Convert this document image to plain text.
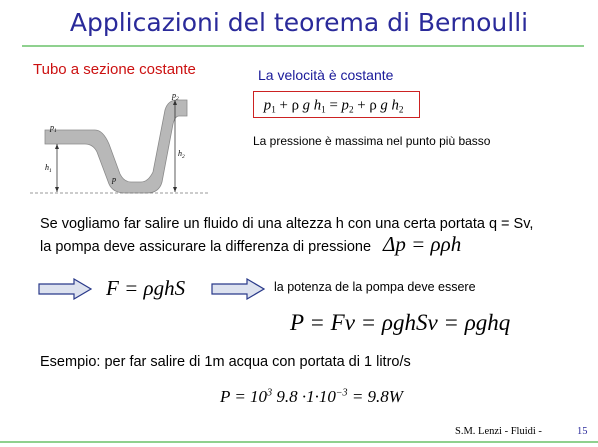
Applicazioni del teorema di Bernoulli
Tubo a sezione costante
$p_1$
$p_2$
$h_1$
$h_2$
p
La velocità è costante
p1 + ρ g h1 = p2 + ρ g h2
La pressione è massima nel punto più basso
Se vogliamo far salire un fluido di una altezza h con una certa portata q = Sv,
la pompa deve assicurare la differenza di pressione Δp = ρρh
F = ρghS	la potenza de la pompa deve essere
P = Fv = ρghSv = ρghq
Esempio: per far salire di 1m acqua con portata di 1 litro/s
$P = 10^3$ $9.8 \cdot 1\cdot 10^{-3} = 9.8W$
S.M. Lenzi - Fluidi -	15
